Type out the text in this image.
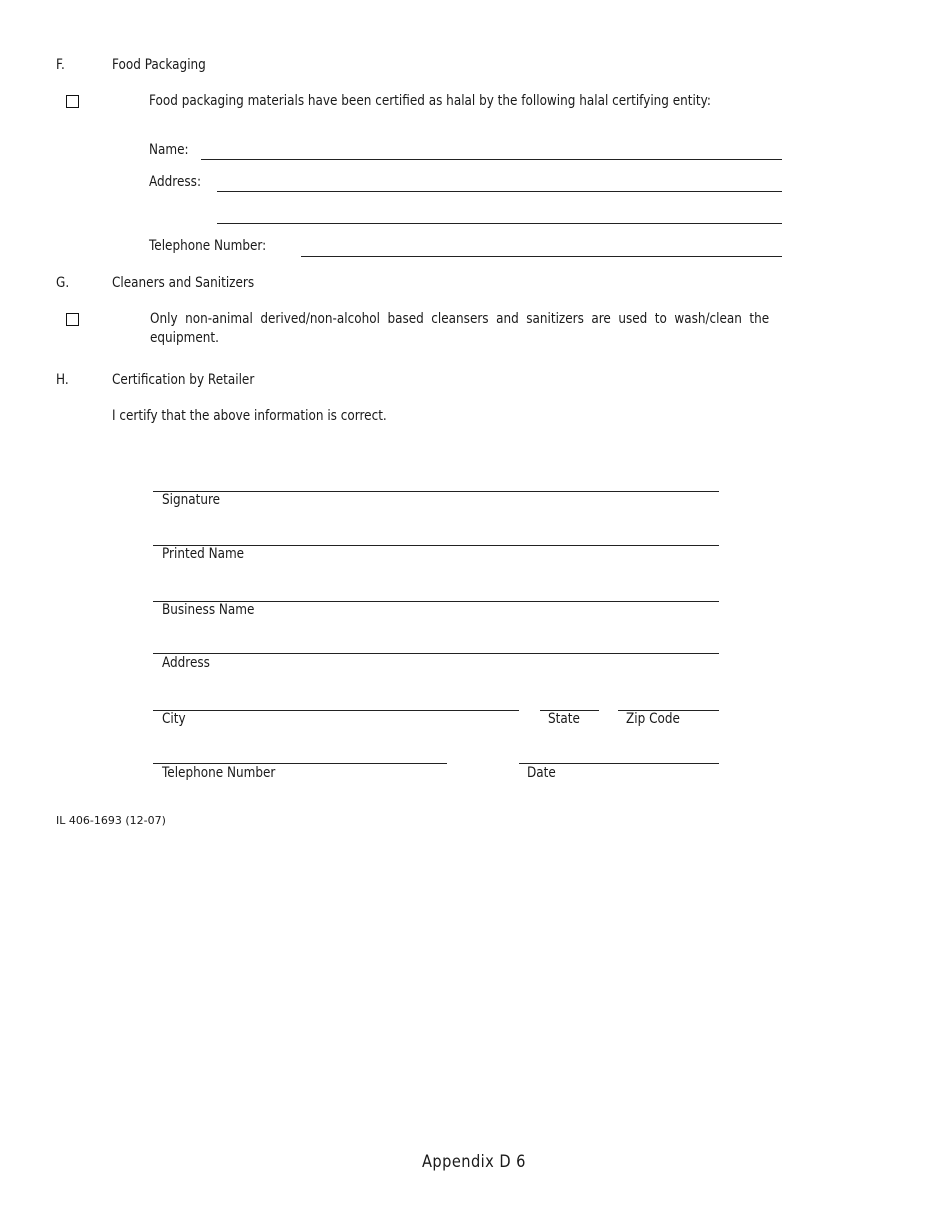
F.	Food Packaging
Food packaging materials have been certified as halal by the following halal certifying entity:
Name:
Address:
Telephone Number:
G.	Cleaners and Sanitizers
Only non-animal derived/non-alcohol based cleansers and sanitizers are used to wash/clean the equipment.
H.	Certification by Retailer
I certify that the above information is correct.
Signature
Printed Name
Business Name
Address
City	State	Zip Code
Telephone Number	Date
IL 406-1693 (12-07)
Appendix D 6
